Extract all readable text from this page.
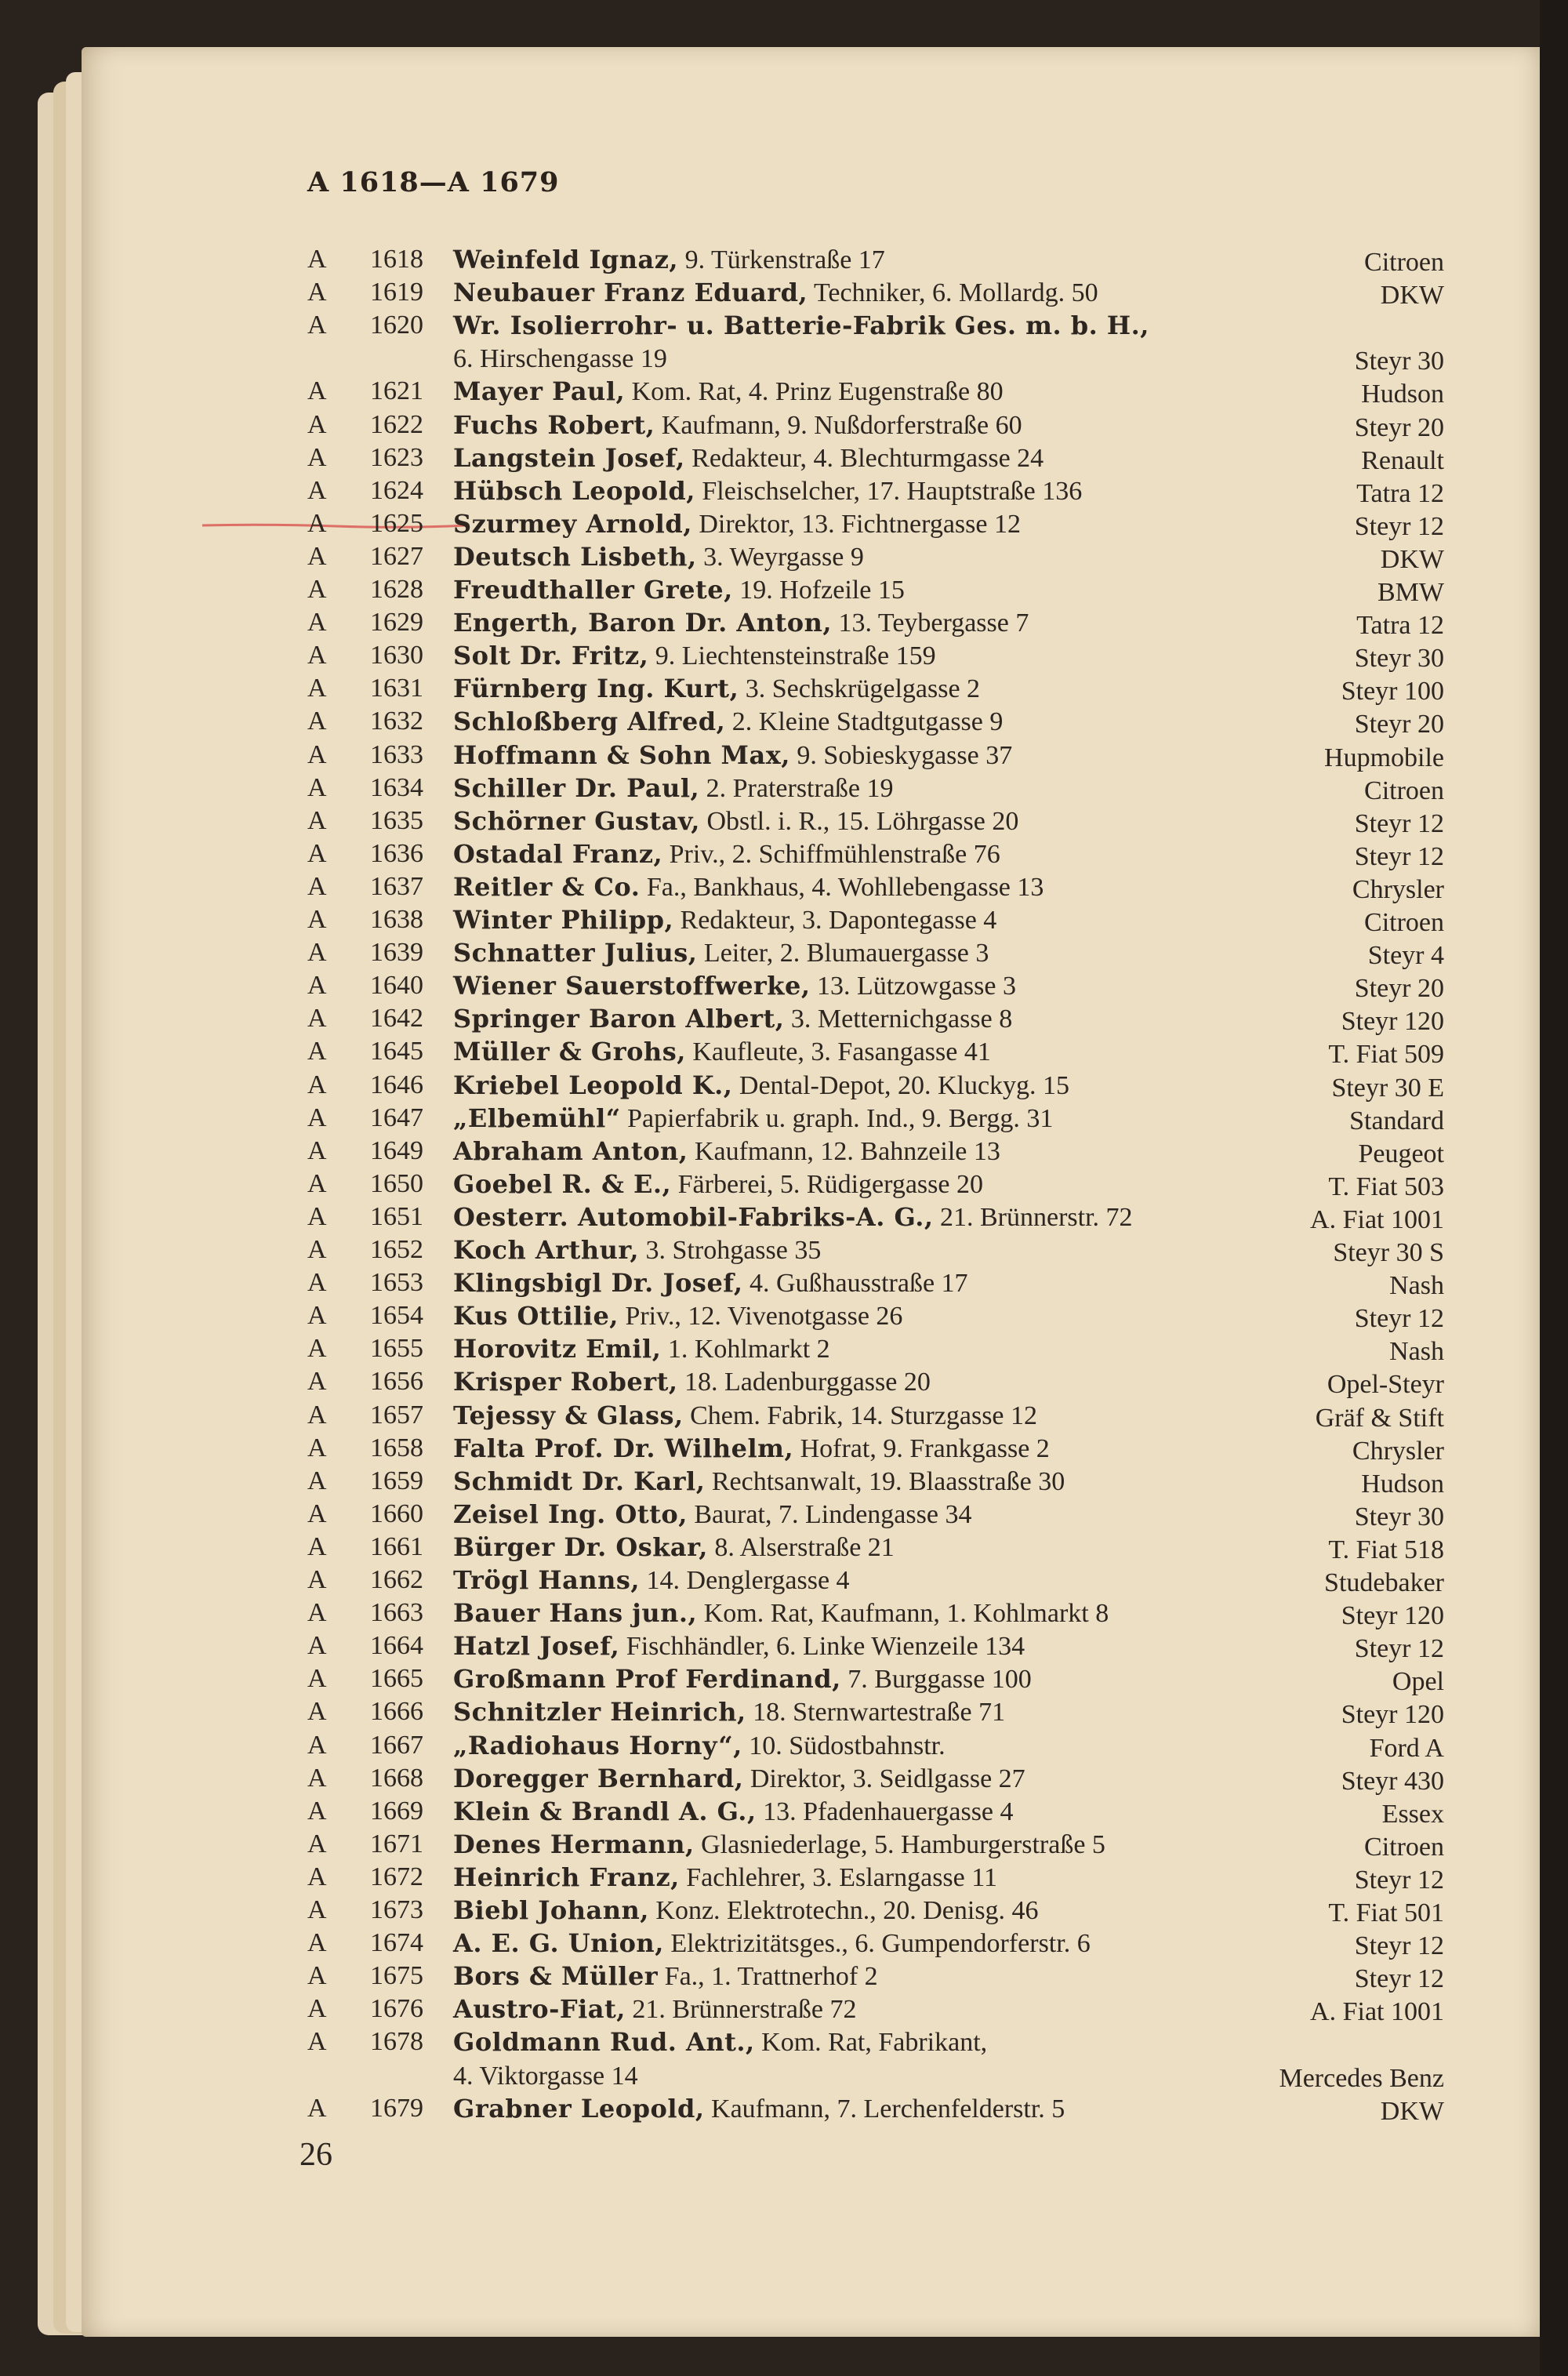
A 1618—A 1679
A	1618 Weinfeld Ignaz, 9. Türkenstraße 17	Citroen
A	1619 Neubauer Franz Eduard, Techniker, 6. Mollardg. 50	DKW
A	1620 Wr. Isolierrohr- u. Batterie-Fabrik Ges. m. b. H.,
6. Hirschengasse 19	Steyr 30
A	1621 Mayer Paul, Kom. Rat, 4. Prinz Eugenstraße 80	Hudson
A	1622 Fuchs Robert, Kaufmann, 9. Nußdorferstraße 60	Steyr 20
A	1623 Langstein Josef, Redakteur, 4. Blechturmgasse 24	Renault
A	1624 Hübsch Leopold, Fleischselcher, 17. Hauptstraße 136	Tatra 12
A	1625 Szurmey Arnold, Direktor, 13. Fichtnergasse 12	Steyr 12
A	1627 Deutsch Lisbeth, 3. Weyrgasse 9	DKW
A	1628 Freudthaller Grete, 19. Hofzeile 15	BMW
A	1629 Engerth, Baron Dr. Anton, 13. Teybergasse 7	Tatra 12
A	1630 Solt Dr. Fritz, 9. Liechtensteinstraße 159	Steyr 30
A	1631 Fürnberg Ing. Kurt, 3. Sechskrügelgasse 2	Steyr 100
A	1632 Schloßberg Alfred, 2. Kleine Stadtgutgasse 9	Steyr 20
A	1633 Hoffmann & Sohn Max, 9. Sobieskygasse 37	Hupmobile
A	1634 Schiller Dr. Paul, 2. Praterstraße 19	Citroen
A	1635 Schörner Gustav, Obstl. i. R., 15. Löhrgasse 20	Steyr 12
A	1636 Ostadal Franz, Priv., 2. Schiffmühlenstraße 76	Steyr 12
A	1637 Reitler & Co. Fa., Bankhaus, 4. Wohllebengasse 13	Chrysler
A	1638 Winter Philipp, Redakteur, 3. Dapontegasse 4	Citroen
A	1639 Schnatter Julius, Leiter, 2. Blumauergasse 3	Steyr 4
A	1640 Wiener Sauerstoffwerke, 13. Lützowgasse 3	Steyr 20
A	1642 Springer Baron Albert, 3. Metternichgasse 8	Steyr 120
A	1645 Müller & Grohs, Kaufleute, 3. Fasangasse 41	T. Fiat 509
A	1646 Kriebel Leopold K., Dental-Depot, 20. Kluckyg. 15	Steyr 30 E
A	1647 „Elbemühl“ Papierfabrik u. graph. Ind., 9. Bergg. 31	Standard
A	1649 Abraham Anton, Kaufmann, 12. Bahnzeile 13	Peugeot
A	1650 Goebel R. & E., Färberei, 5. Rüdigergasse 20	T. Fiat 503
A	1651 Oesterr. Automobil-Fabriks-A. G., 21. Brünnerstr. 72	A. Fiat 1001
A	1652 Koch Arthur, 3. Strohgasse 35	Steyr 30 S
A	1653 Klingsbigl Dr. Josef, 4. Gußhausstraße 17	Nash
A	1654 Kus Ottilie, Priv., 12. Vivenotgasse 26	Steyr 12
A	1655 Horovitz Emil, 1. Kohlmarkt 2	Nash
A	1656 Krisper Robert, 18. Ladenburggasse 20	Opel-Steyr
A	1657 Tejessy & Glass, Chem. Fabrik, 14. Sturzgasse 12	Gräf & Stift
A	1658 Falta Prof. Dr. Wilhelm, Hofrat, 9. Frankgasse 2	Chrysler
A	1659 Schmidt Dr. Karl, Rechtsanwalt, 19. Blaasstraße 30	Hudson
A	1660 Zeisel Ing. Otto, Baurat, 7. Lindengasse 34	Steyr 30
A	1661 Bürger Dr. Oskar, 8. Alserstraße 21	T. Fiat 518
A	1662 Trögl Hanns, 14. Denglergasse 4	Studebaker
A	1663 Bauer Hans jun., Kom. Rat, Kaufmann, 1. Kohlmarkt 8	Steyr 120
A	1664 Hatzl Josef, Fischhändler, 6. Linke Wienzeile 134	Steyr 12
A	1665 Großmann Prof Ferdinand, 7. Burggasse 100	Opel
A	1666 Schnitzler Heinrich, 18. Sternwartestraße 71	Steyr 120
A	1667 „Radiohaus Horny“, 10. Südostbahnstr.	Ford A
A	1668 Doregger Bernhard, Direktor, 3. Seidlgasse 27	Steyr 430
A	1669 Klein & Brandl A. G., 13. Pfadenhauergasse 4	Essex
A	1671 Denes Hermann, Glasniederlage, 5. Hamburgerstraße 5	Citroen
A	1672 Heinrich Franz, Fachlehrer, 3. Eslarngasse 11	Steyr 12
A	1673 Biebl Johann, Konz. Elektrotechn., 20. Denisg. 46	T. Fiat 501
A	1674 A. E. G. Union, Elektrizitätsges., 6. Gumpendorferstr. 6	Steyr 12
A	1675 Bors & Müller Fa., 1. Trattnerhof 2	Steyr 12
A	1676 Austro-Fiat, 21. Brünnerstraße 72	A. Fiat 1001
A	1678 Goldmann Rud. Ant., Kom. Rat, Fabrikant,
4. Viktorgasse 14	Mercedes Benz
A	1679 Grabner Leopold, Kaufmann, 7. Lerchenfelderstr. 5	DKW
26
